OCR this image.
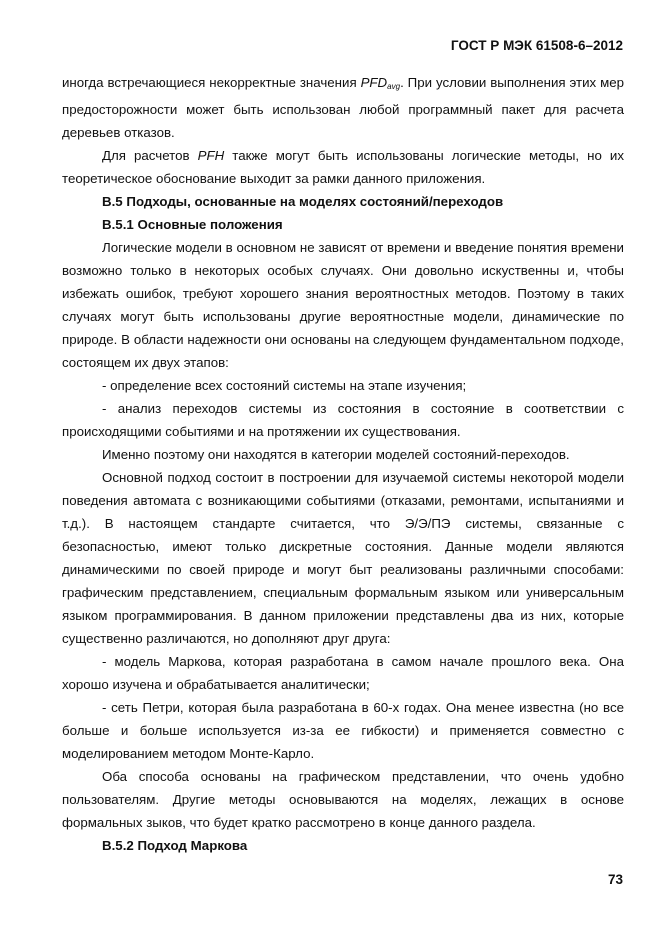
ГОСТ Р МЭК 61508-6–2012

иногда встречающиеся некорректные значения $PFD_{avg}$. При условии выполнения этих мер предосторожности может быть использован любой программный пакет для расчета деревьев отказов.

Для расчетов PFH также могут быть использованы логические методы, но их теоретическое обоснование выходит за рамки данного приложения.

В.5 Подходы, основанные на моделях состояний/переходов

В.5.1 Основные положения

Логические модели в основном не зависят от времени и введение понятия времени возможно только в некоторых особых случаях. Они довольно искуственны и, чтобы избежать ошибок, требуют хорошего знания вероятностных методов. Поэтому в таких случаях могут быть использованы другие вероятностные модели, динамические по природе. В области надежности они основаны на следующем фундаментальном подходе, состоящем их двух этапов:

- определение всех состояний системы на этапе изучения;

- анализ переходов системы из состояния в состояние в соответствии с происходящими событиями и на протяжении их существования.

Именно поэтому они находятся в категории моделей состояний-переходов.

Основной подход состоит в построении для изучаемой системы некоторой модели поведения автомата с возникающими событиями (отказами, ремонтами, испытаниями и т.д.). В настоящем стандарте считается, что Э/Э/ПЭ системы, связанные с безопасностью, имеют только дискретные состояния. Данные модели являются динамическими по своей природе и могут быт реализованы различными способами: графическим представлением, специальным формальным языком или универсальным языком программирования. В данном приложении представлены два из них, которые существенно различаются, но дополняют друг друга:

- модель Маркова, которая разработана в самом начале прошлого века. Она хорошо изучена и обрабатывается аналитически;

- сеть Петри, которая была разработана в 60-х годах. Она менее известна (но все больше и больше используется из-за ее гибкости) и применяется совместно с моделированием методом Монте-Карло.

Оба способа основаны на графическом представлении, что очень удобно пользователям. Другие методы основываются на моделях, лежащих в основе формальных зыков, что будет кратко рассмотрено в конце данного раздела.

В.5.2 Подход Маркова

73
